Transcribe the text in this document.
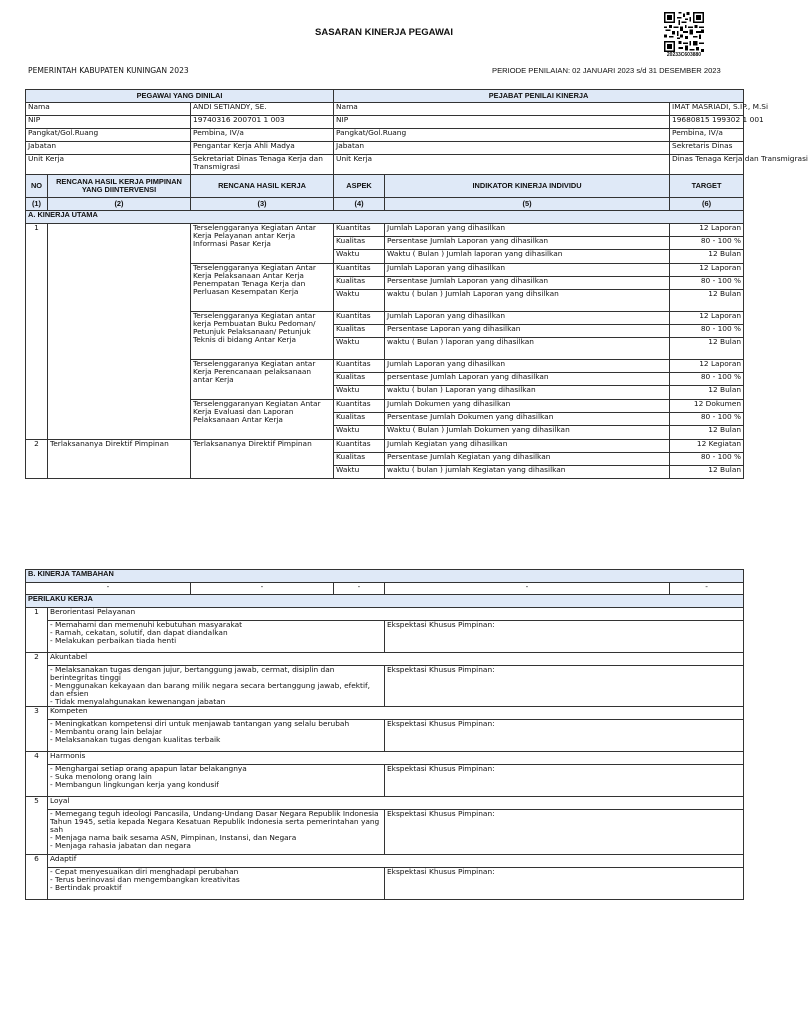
SASARAN KINERJA PEGAWAI
20233C603880
PEMERINTAH KABUPATEN KUNINGAN 2023	PERIODE PENILAIAN: 02 JANUARI 2023 s/d 31 DESEMBER 2023
PEGAWAI YANG DINILAI			PEJABAT PENILAI KINERJA		
Nama		ANDI SETIANDY, SE.	Nama		IMAT MASRIADI, S.IP., M.Si
NIP		19740316 200701 1 003	NIP		19680815 199302 1 001
Pangkat/Gol.Ruang		Pembina, IV/a	Pangkat/Gol.Ruang		Pembina, IV/a
Jabatan		Pengantar Kerja Ahli Madya	Jabatan		Sekretaris Dinas
Unit Kerja		Sekretariat Dinas Tenaga Kerja dan Transmigrasi	Unit Kerja		Dinas Tenaga Kerja dan Transmigrasi
NO	RENCANA HASIL KERJA PIMPINAN YANG DIINTERVENSI	RENCANA HASIL KERJA	ASPEK	INDIKATOR KINERJA INDIVIDU	TARGET
(1)	(2)	(3)	(4)	(5)	(6)
A. KINERJA UTAMA					
1		Terselenggaranya Kegiatan Antar Kerja Pelayanan antar Kerja Informasi Pasar Kerja	Kuantitas	Jumlah Laporan yang dihasilkan	12 Laporan
			Kualitas	Persentase Jumlah Laporan yang dihasilkan	80 - 100 %
			Waktu	Waktu ( Bulan ) Jumlah laporan yang dihasilkan	12 Bulan
		Terselenggaranya Kegiatan Antar Kerja Pelaksanaan Antar Kerja Penempatan Tenaga Kerja dan Perluasan Kesempatan Kerja	Kuantitas	Jumlah Laporan yang dihasilkan	12 Laporan
			Kualitas	Persentase Jumlah Laporan yang dihasilkan	80 - 100 %
			Waktu	waktu ( bulan ) Jumlah Laporan yang dihsilkan	12 Bulan
		Terselenggaranya Kegiatan antar kerja Pembuatan Buku Pedoman/ Petunjuk Pelaksanaan/ Petunjuk Teknis di bidang Antar Kerja	Kuantitas	Jumlah Laporan yang dihasilkan	12 Laporan
			Kualitas	Persentase Laporan yang dihasilkan	80 - 100 %
			Waktu	waktu ( Bulan ) laporan yang dihasilkan	12 Bulan
		Terselenggaranya Kegiatan antar Kerja Perencanaan pelaksanaan antar Kerja	Kuantitas	Jumlah Laporan yang dihasilkan	12 Laporan
			Kualitas	persentase Jumlah Laporan yang dihasilkan	80 - 100 %
			Waktu	waktu ( bulan ) Laporan yang dihasilkan	12 Bulan
		Terselenggaranyan Kegiatan Antar Kerja Evaluasi dan Laporan Pelaksanaan Antar Kerja	Kuantitas	Jumlah Dokumen yang dihasilkan	12 Dokumen
			Kualitas	Persentase Jumlah Dokumen yang dihasilkan	80 - 100 %
			Waktu	Waktu ( Bulan ) Jumlah Dokumen yang dihasilkan	12 Bulan
2	Terlaksananya Direktif Pimpinan	Terlaksananya Direktif Pimpinan	Kuantitas	Jumlah Kegiatan yang dihasilkan	12 Kegiatan
			Kualitas	Persentase Jumlah Kegiatan yang dihasilkan	80 - 100 %
			Waktu	waktu ( bulan ) jumlah Kegiatan yang dihasilkan	12 Bulan
B. KINERJA TAMBAHAN					
-		-	-	-	-
PERILAKU KERJA					
1	Berorientasi Pelayanan				

	- Memahami dan memenuhi kebutuhan masyarakat
- Ramah, cekatan, solutif, dan dapat diandalkan
- Melakukan perbaikan tiada henti			Ekspektasi Khusus Pimpinan:	
2	Akuntabel				

	- Melaksanakan tugas dengan jujur, bertanggung jawab, cermat, disiplin dan berintegritas tinggi
- Menggunakan kekayaan dan barang milik negara secara bertanggung jawab, efektif, dan efsien
- Tidak menyalahgunakan kewenangan jabatan			Ekspektasi Khusus Pimpinan:	
3	Kompeten				

	- Meningkatkan kompetensi diri untuk menjawab tantangan yang selalu berubah
- Membantu orang lain belajar
- Melaksanakan tugas dengan kualitas terbaik			Ekspektasi Khusus Pimpinan:	
4	Harmonis				

	- Menghargai setiap orang apapun latar belakangnya
- Suka menolong orang lain
- Membangun lingkungan kerja yang kondusif			Ekspektasi Khusus Pimpinan:	
5	Loyal				

	- Memegang teguh ideologi Pancasila, Undang-Undang Dasar Negara Republik Indonesia Tahun 1945, setia kepada Negara Kesatuan Republik Indonesia serta pemerintahan yang sah
- Menjaga nama baik sesama ASN, Pimpinan, Instansi, dan Negara
- Menjaga rahasia jabatan dan negara			Ekspektasi Khusus Pimpinan:	
6	Adaptif				

	- Cepat menyesuaikan diri menghadapi perubahan
- Terus berinovasi dan mengembangkan kreativitas
- Bertindak proaktif			Ekspektasi Khusus Pimpinan:	
